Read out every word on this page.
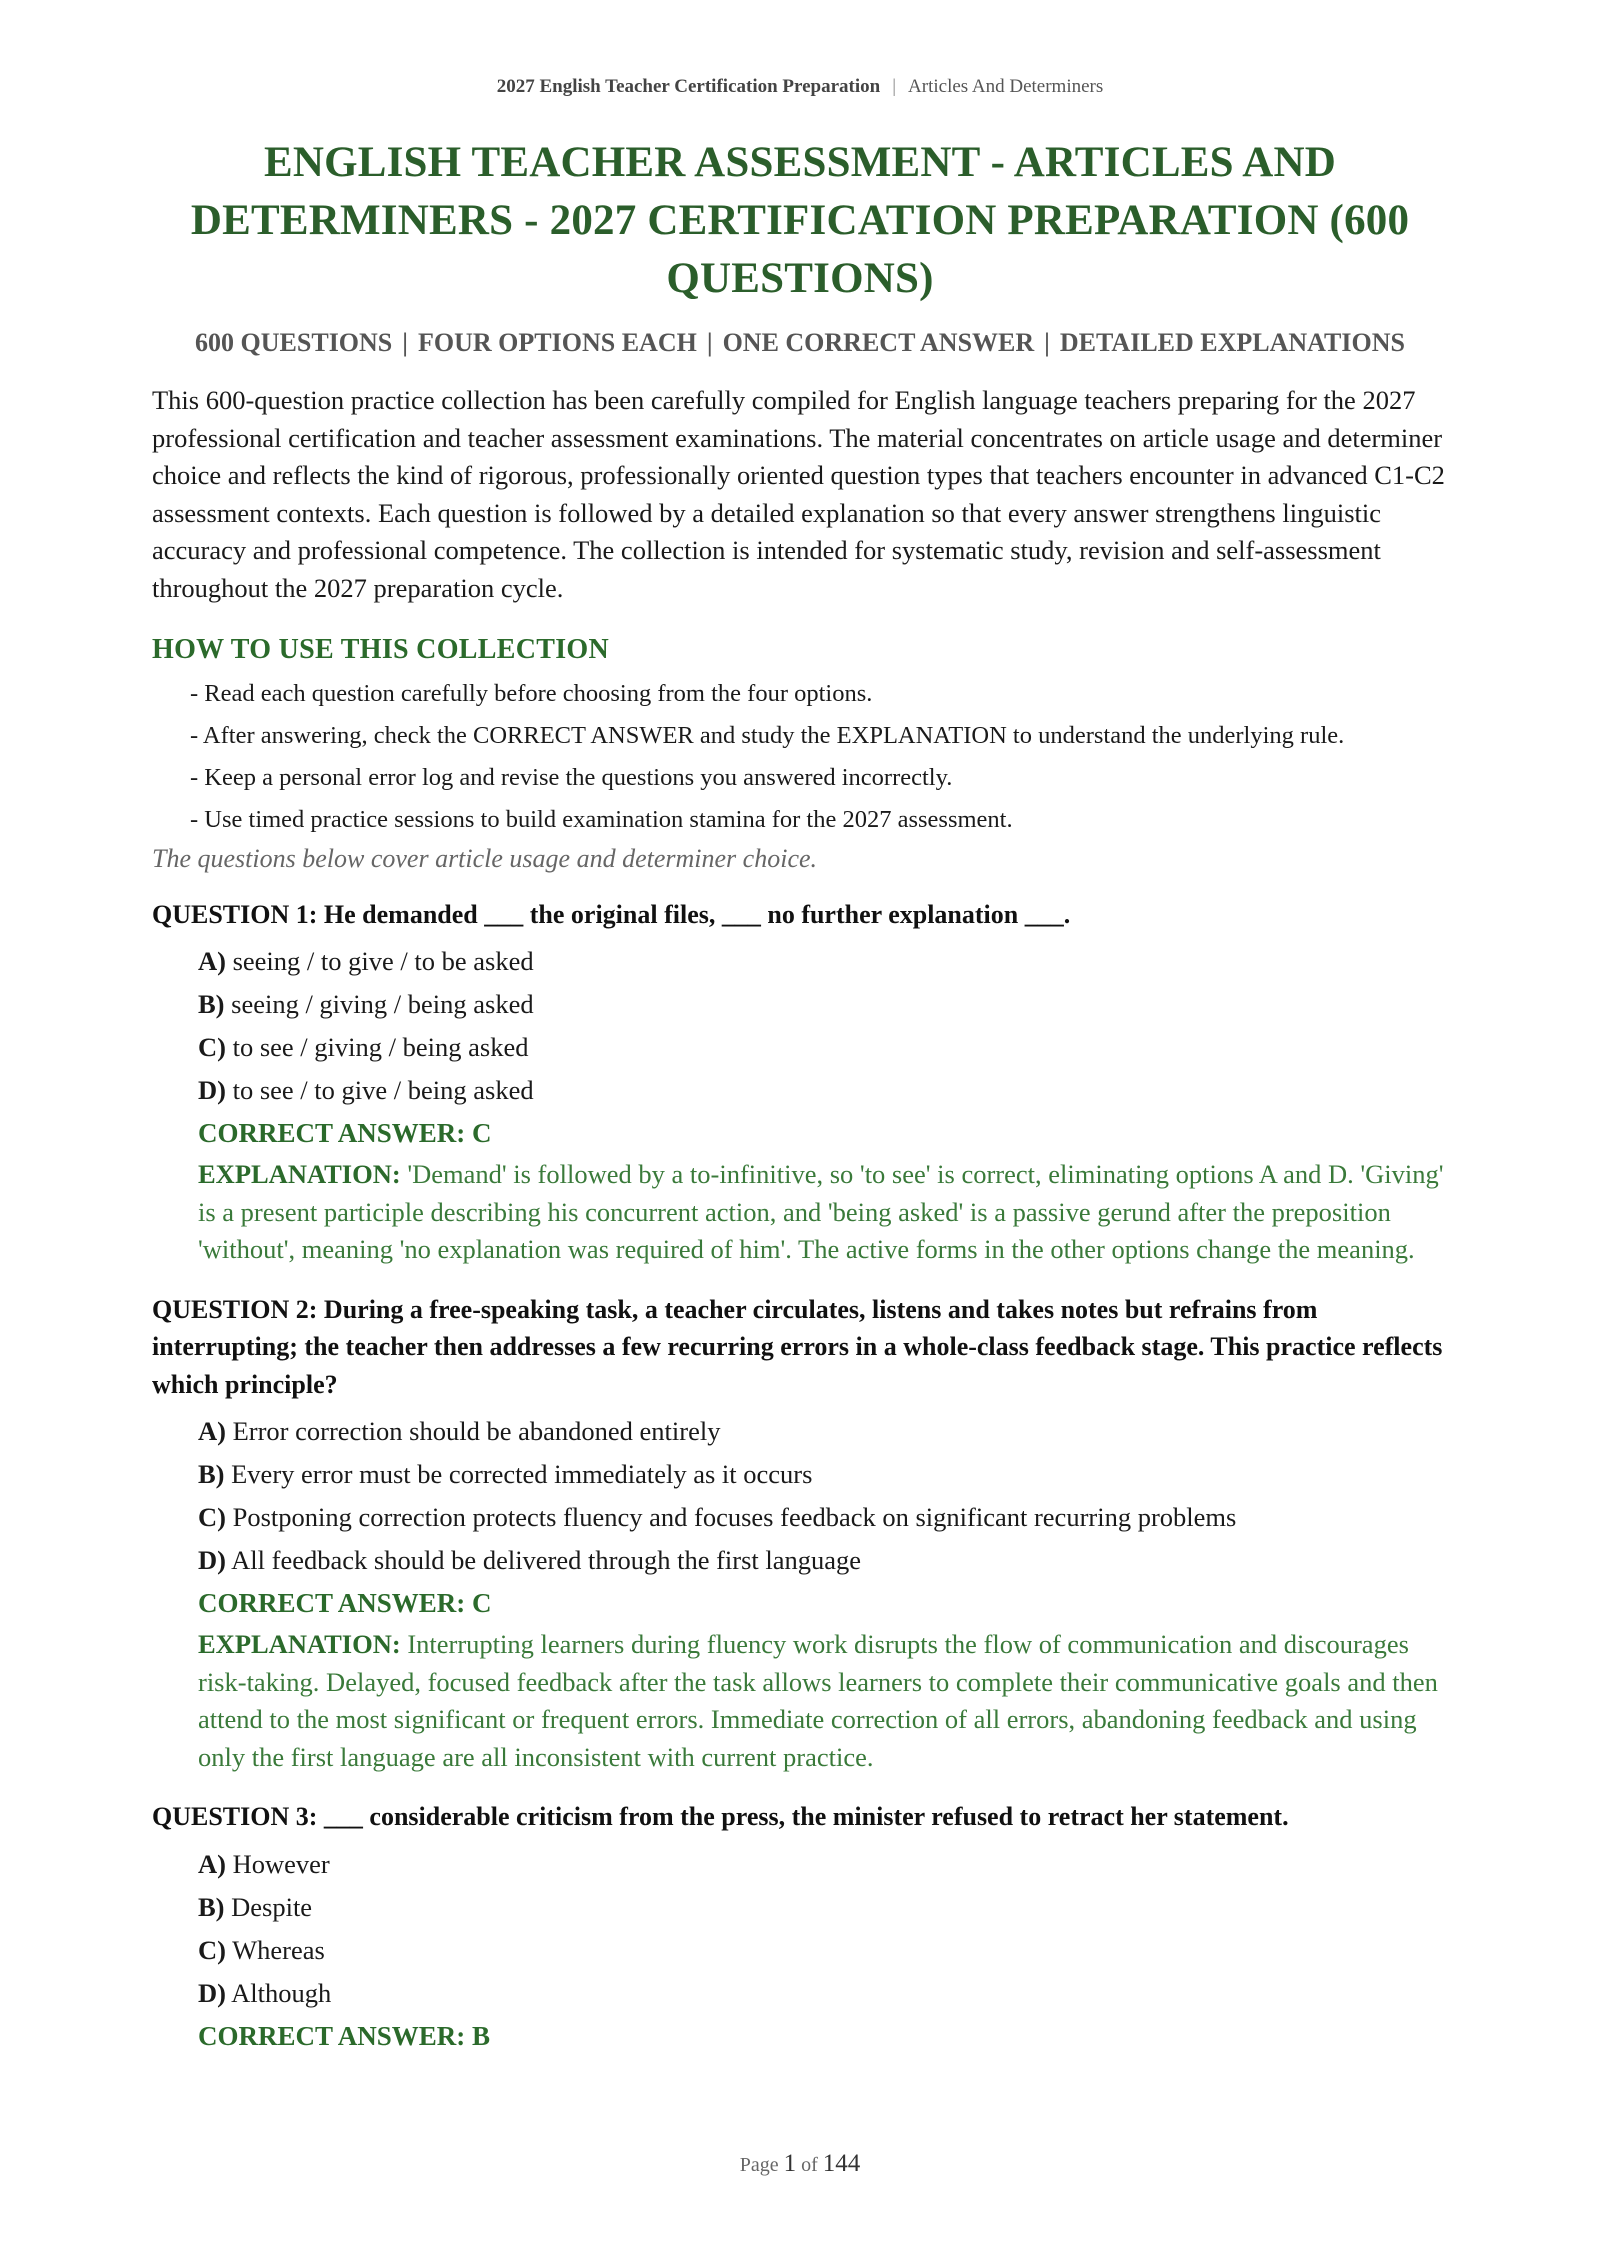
2027 English Teacher Certification Preparation | Articles And Determiners
ENGLISH TEACHER ASSESSMENT - ARTICLES AND DETERMINERS - 2027 CERTIFICATION PREPARATION (600 QUESTIONS)
600 QUESTIONS | FOUR OPTIONS EACH | ONE CORRECT ANSWER | DETAILED EXPLANATIONS

This 600-question practice collection has been carefully compiled for English language teachers preparing for the 2027 professional certification and teacher assessment examinations. The material concentrates on article usage and determiner choice and reflects the kind of rigorous, professionally oriented question types that teachers encounter in advanced C1-C2 assessment contexts. Each question is followed by a detailed explanation so that every answer strengthens linguistic accuracy and professional competence. The collection is intended for systematic study, revision and self-assessment throughout the 2027 preparation cycle.

HOW TO USE THIS COLLECTION
- Read each question carefully before choosing from the four options.
- After answering, check the CORRECT ANSWER and study the EXPLANATION to understand the underlying rule.
- Keep a personal error log and revise the questions you answered incorrectly.
- Use timed practice sessions to build examination stamina for the 2027 assessment.
The questions below cover article usage and determiner choice.
QUESTION 1: He demanded ___ the original files, ___ no further explanation ___.
A) seeing / to give / to be asked
B) seeing / giving / being asked
C) to see / giving / being asked
D) to see / to give / being asked
CORRECT ANSWER: C
EXPLANATION: 'Demand' is followed by a to-infinitive, so 'to see' is correct, eliminating options A and D. 'Giving' is a present participle describing his concurrent action, and 'being asked' is a passive gerund after the preposition 'without', meaning 'no explanation was required of him'. The active forms in the other options change the meaning.
QUESTION 2: During a free-speaking task, a teacher circulates, listens and takes notes but refrains from interrupting; the teacher then addresses a few recurring errors in a whole-class feedback stage. This practice reflects which principle?
A) Error correction should be abandoned entirely
B) Every error must be corrected immediately as it occurs
C) Postponing correction protects fluency and focuses feedback on significant recurring problems
D) All feedback should be delivered through the first language
CORRECT ANSWER: C
EXPLANATION: Interrupting learners during fluency work disrupts the flow of communication and discourages risk-taking. Delayed, focused feedback after the task allows learners to complete their communicative goals and then attend to the most significant or frequent errors. Immediate correction of all errors, abandoning feedback and using only the first language are all inconsistent with current practice.
QUESTION 3: ___ considerable criticism from the press, the minister refused to retract her statement.
A) However
B) Despite
C) Whereas
D) Although
CORRECT ANSWER: B
Page 1 of 144
